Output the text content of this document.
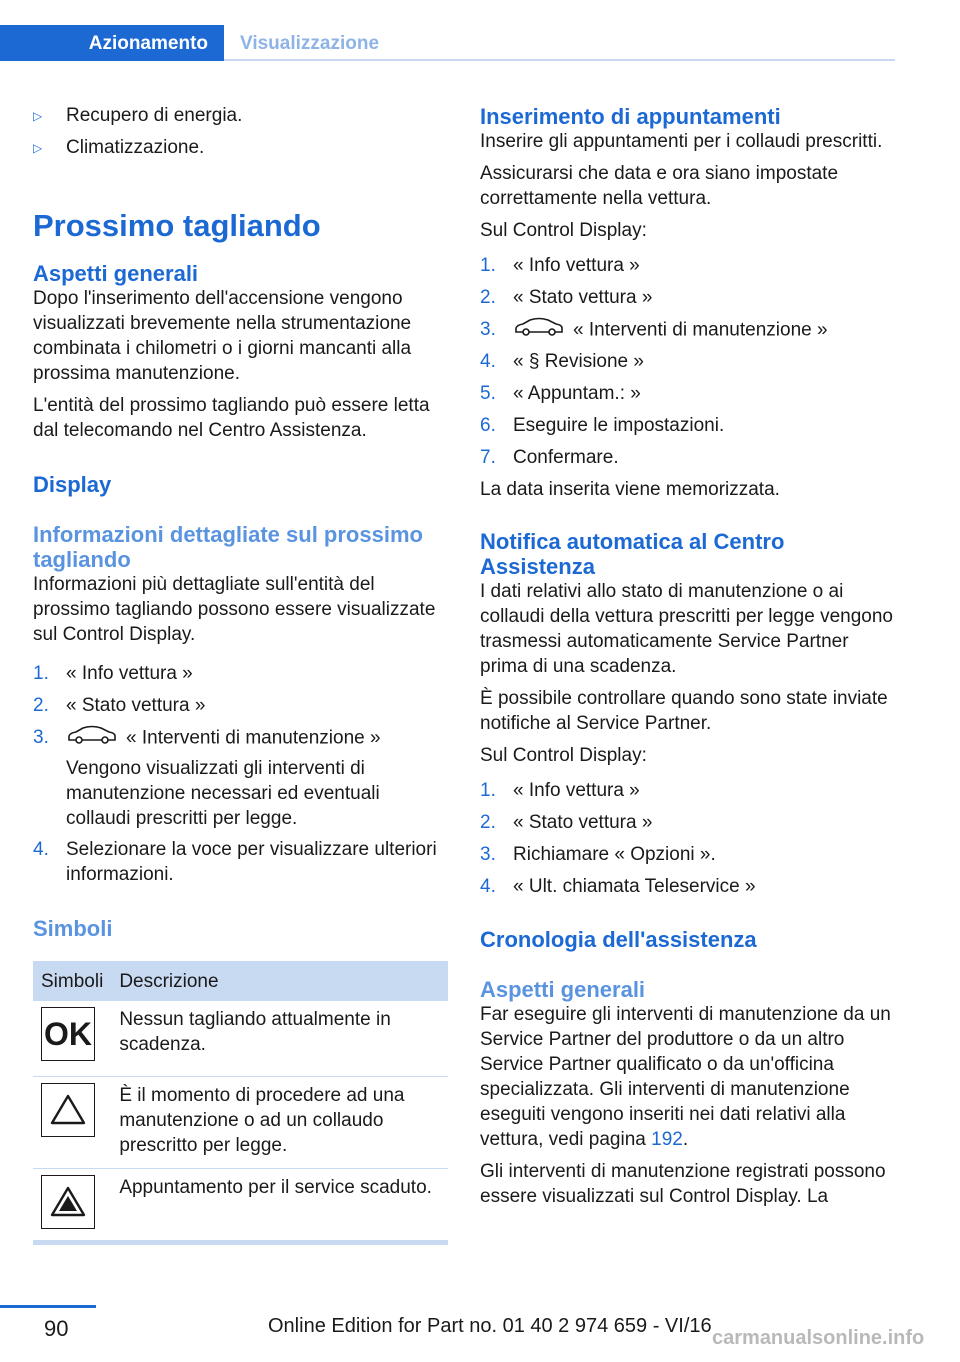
Azionamento	Visualizzazione
▷ Recupero di energia.
▷ Climatizzazione.
Prossimo tagliando
Aspetti generali

Dopo l'inserimento dell'accensione vengono visualizzati brevemente nella strumentazione combinata i chilometri o i giorni mancanti alla prossima manutenzione.

L'entità del prossimo tagliando può essere letta dal telecomando nel Centro Assistenza.

Display
Informazioni dettagliate sul prossimo tagliando

Informazioni più dettagliate sull'entità del prossimo tagliando possono essere visualizzate sul Control Display.

1. « Info vettura »
2. « Stato vettura »
3.	« Interventi di manutenzione »

Vengono visualizzati gli interventi di manutenzione necessari ed eventuali collaudi prescritti per legge.

4. Selezionare la voce per visualizzare ulteriori informazioni.
Simboli
Simboli	Descrizione

OK	Nessun tagliando attualmente in scadenza.

	È il momento di procedere ad una manutenzione o ad un collaudo prescritto per legge.

	Appuntamento per il service scaduto.
Inserimento di appuntamenti

Inserire gli appuntamenti per i collaudi prescritti.

Assicurarsi che data e ora siano impostate correttamente nella vettura.

Sul Control Display:

1. « Info vettura »
2. « Stato vettura »
3.	« Interventi di manutenzione »
4. « § Revisione »
5. « Appuntam.: »
6. Eseguire le impostazioni.
7. Confermare.

La data inserita viene memorizzata.

Notifica automatica al Centro Assistenza

I dati relativi allo stato di manutenzione o ai collaudi della vettura prescritti per legge vengono trasmessi automaticamente Service Partner prima di una scadenza.

È possibile controllare quando sono state inviate notifiche al Service Partner.

Sul Control Display:

1. « Info vettura »
2. « Stato vettura »
3. Richiamare « Opzioni ».
4. « Ult. chiamata Teleservice »
Cronologia dell'assistenza
Aspetti generali

Far eseguire gli interventi di manutenzione da un Service Partner del produttore o da un altro Service Partner qualificato o da un'officina specializzata. Gli interventi di manutenzione eseguiti vengono inseriti nei dati relativi alla vettura, vedi pagina 192.

Gli interventi di manutenzione registrati possono essere visualizzati sul Control Display. La

90	Online Edition for Part no. 01 40 2 974 659 - VI/16
carmanualsonline.info
